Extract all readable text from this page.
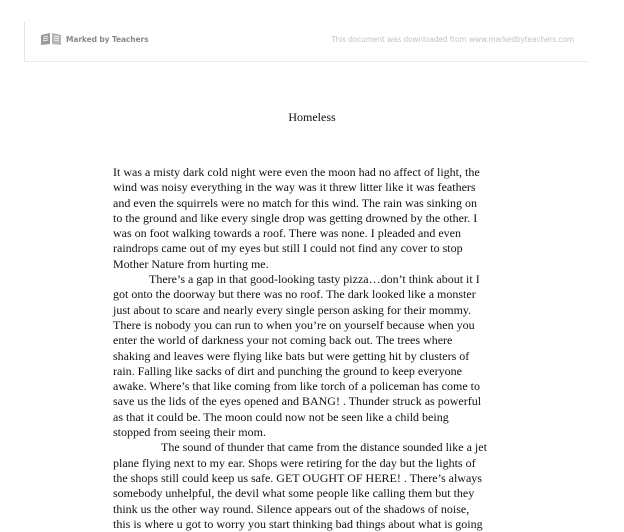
Marked by Teachers	This document was downloaded from www.markedbyteachers.com
Homeless
It was a misty dark cold night were even the moon had no affect of light, the
wind was noisy everything in the way was it threw litter like it was feathers
and even the squirrels were no match for this wind. The rain was sinking on
to the ground and like every single drop was getting drowned by the other. I
was on foot walking towards a roof. There was none. I pleaded and even
raindrops came out of my eyes but still I could not find any cover to stop
Mother Nature from hurting me.
There’s a gap in that good-looking tasty pizza…don’t think about it I
got onto the doorway but there was no roof. The dark looked like a monster
just about to scare and nearly every single person asking for their mommy.
There is nobody you can run to when you’re on yourself because when you
enter the world of darkness your not coming back out. The trees where
shaking and leaves were flying like bats but were getting hit by clusters of
rain. Falling like sacks of dirt and punching the ground to keep everyone
awake. Where’s that like coming from like torch of a policeman has come to
save us the lids of the eyes opened and BANG! . Thunder struck as powerful
as that it could be. The moon could now not be seen like a child being
stopped from seeing their mom.
The sound of thunder that came from the distance sounded like a jet
plane flying next to my ear. Shops were retiring for the day but the lights of
the shops still could keep us safe. GET OUGHT OF HERE! . There’s always
somebody unhelpful, the devil what some people like calling them but they
think us the other way round. Silence appears out of the shadows of noise,
this is where u got to worry you start thinking bad things about what is going
